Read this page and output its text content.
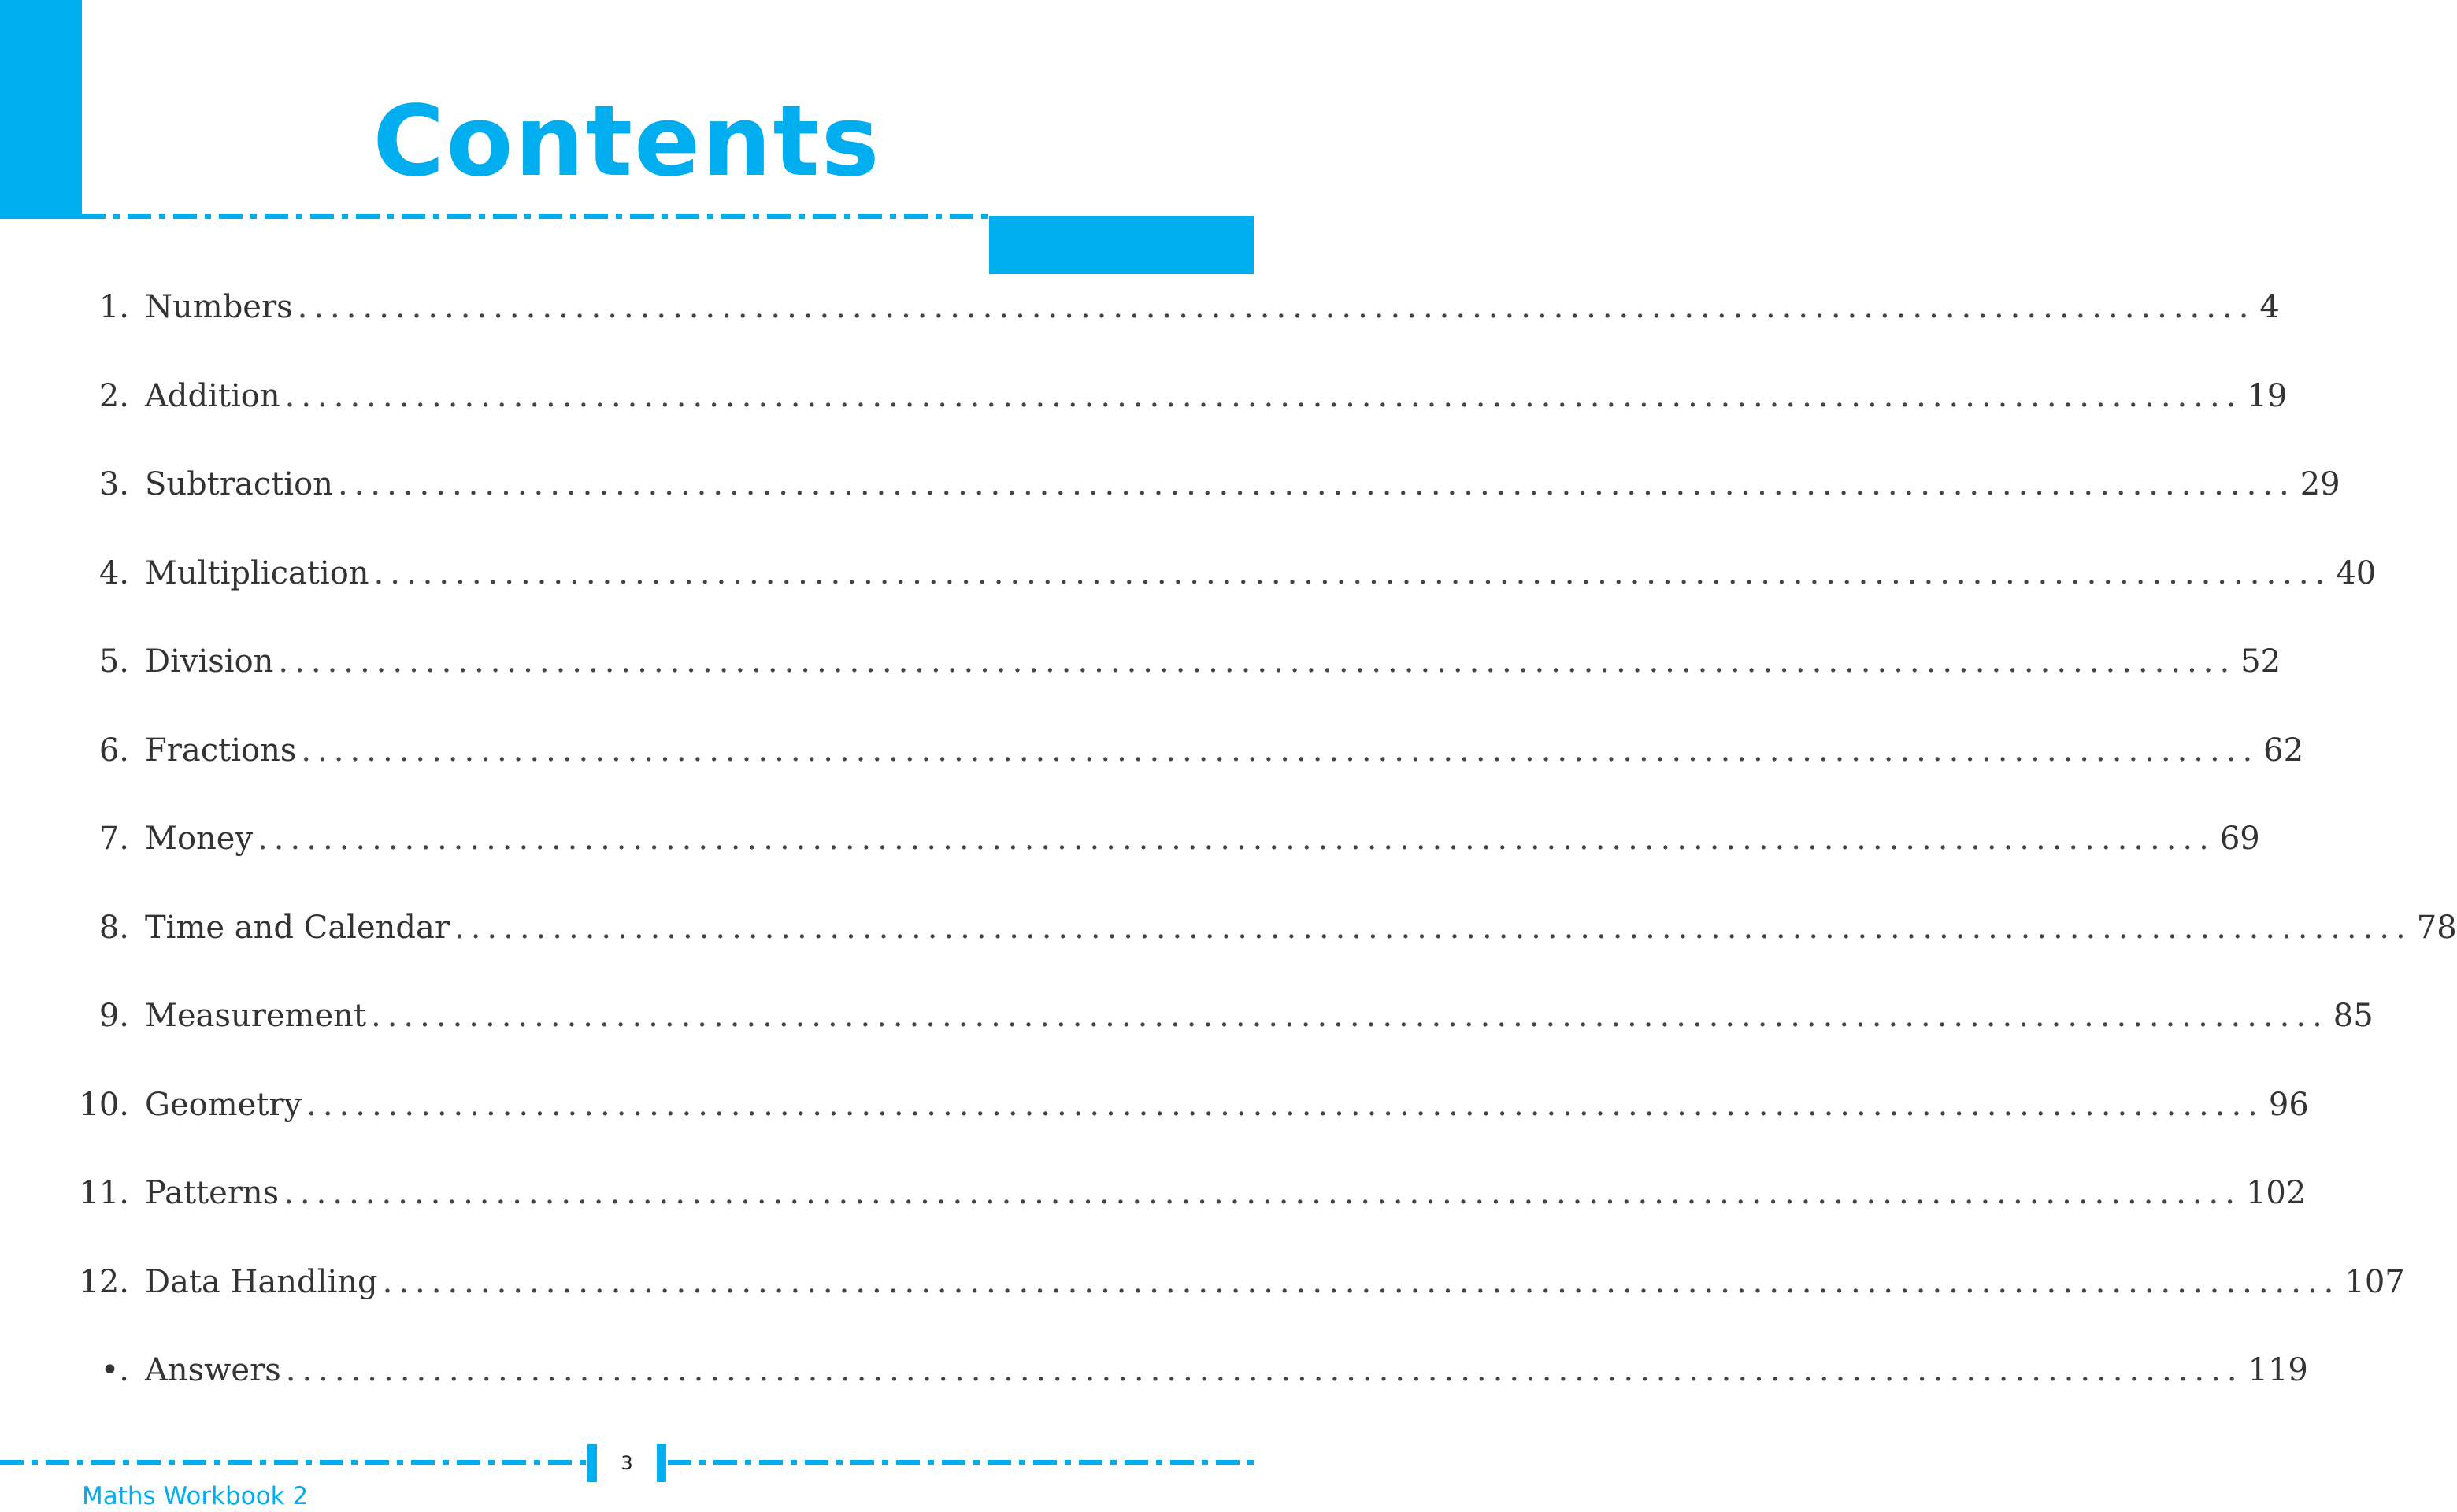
Contents
1. Numbers ........................................................................................................................ 4
2. Addition ........................................................................................................................ 19
3. Subtraction ........................................................................................................................ 29
4. Multiplication ........................................................................................................................ 40
5. Division ........................................................................................................................ 52
6. Fractions ........................................................................................................................ 62
7. Money ........................................................................................................................ 69
8. Time and Calendar ........................................................................................................................ 78
9. Measurement ........................................................................................................................ 85
10. Geometry ........................................................................................................................ 96
11. Patterns ........................................................................................................................ 102
12. Data Handling ........................................................................................................................ 107
•. Answers ........................................................................................................................ 119
3
Maths Workbook 2
